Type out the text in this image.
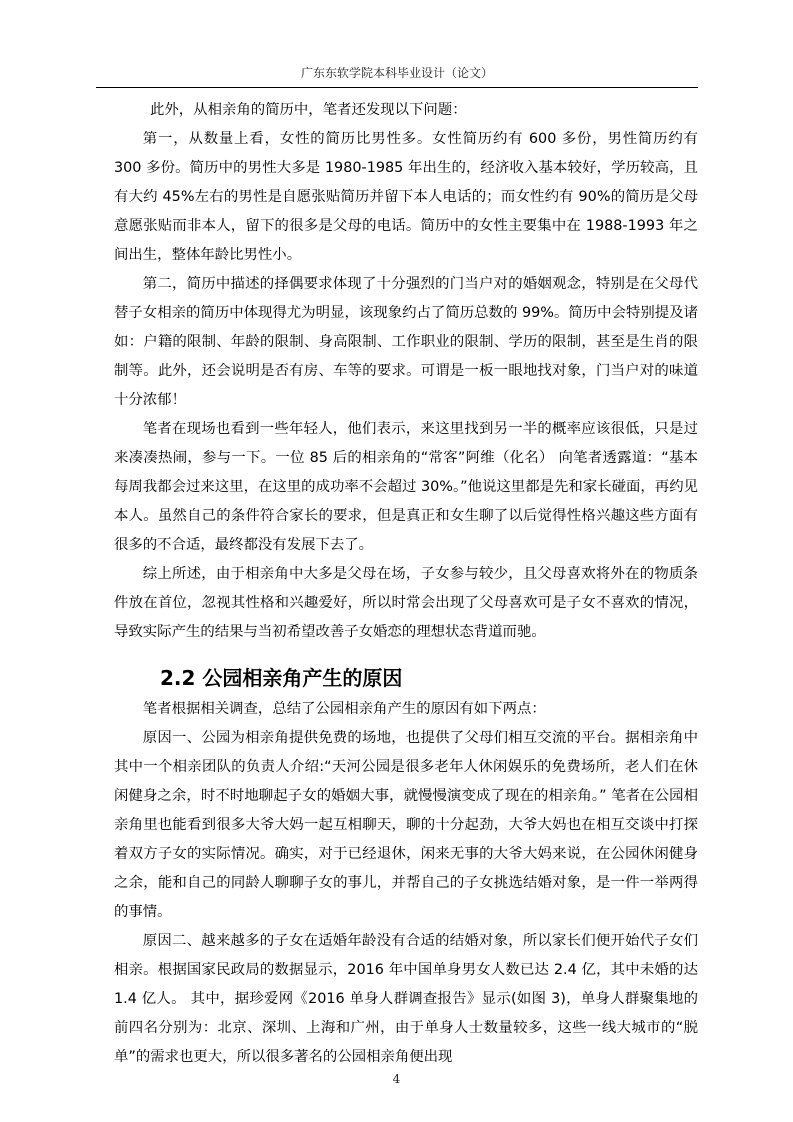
广东东软学院本科毕业设计（论文）

此外，从相亲角的简历中，笔者还发现以下问题：

第一，从数量上看，女性的简历比男性多。女性简历约有 600 多份，男性简历约有 300 多份。简历中的男性大多是 1980-1985 年出生的，经济收入基本较好，学历较高，且有大约 45%左右的男性是自愿张贴简历并留下本人电话的；而女性约有 90%的简历是父母意愿张贴而非本人，留下的很多是父母的电话。简历中的女性主要集中在 1988-1993 年之间出生，整体年龄比男性小。

第二，简历中描述的择偶要求体现了十分强烈的门当户对的婚姻观念，特别是在父母代替子女相亲的简历中体现得尤为明显，该现象约占了简历总数的 99%。简历中会特别提及诸如：户籍的限制、年龄的限制、身高限制、工作职业的限制、学历的限制，甚至是生肖的限制等。此外，还会说明是否有房、车等的要求。可谓是一板一眼地找对象，门当户对的味道十分浓郁！

笔者在现场也看到一些年轻人，他们表示，来这里找到另一半的概率应该很低，只是过来凑凑热闹，参与一下。一位 85 后的相亲角的“常客”阿维（化名） 向笔者透露道：“基本每周我都会过来这里，在这里的成功率不会超过 30%。”他说这里都是先和家长碰面，再约见本人。虽然自己的条件符合家长的要求，但是真正和女生聊了以后觉得性格兴趣这些方面有很多的不合适，最终都没有发展下去了。

综上所述，由于相亲角中大多是父母在场，子女参与较少，且父母喜欢将外在的物质条件放在首位，忽视其性格和兴趣爱好，所以时常会出现了父母喜欢可是子女不喜欢的情况，导致实际产生的结果与当初希望改善子女婚恋的理想状态背道而驰。

2.2 公园相亲角产生的原因

笔者根据相关调查，总结了公园相亲角产生的原因有如下两点：

原因一、公园为相亲角提供免费的场地，也提供了父母们相互交流的平台。据相亲角中其中一个相亲团队的负责人介绍:“天河公园是很多老年人休闲娱乐的免费场所，老人们在休闲健身之余，时不时地聊起子女的婚姻大事，就慢慢演变成了现在的相亲角。” 笔者在公园相亲角里也能看到很多大爷大妈一起互相聊天，聊的十分起劲，大爷大妈也在相互交谈中打探着双方子女的实际情况。确实，对于已经退休，闲来无事的大爷大妈来说，在公园休闲健身之余，能和自己的同龄人聊聊子女的事儿，并帮自己的子女挑选结婚对象，是一件一举两得的事情。

原因二、越来越多的子女在适婚年龄没有合适的结婚对象，所以家长们便开始代子女们相亲。根据国家民政局的数据显示，2016 年中国单身男女人数已达 2.4 亿，其中未婚的达 1.4 亿人。 其中，据珍爱网《2016 单身人群调查报告》显示(如图 3)，单身人群聚集地的前四名分别为：北京、深圳、上海和广州，由于单身人士数量较多，这些一线大城市的“脱单”的需求也更大，所以很多著名的公园相亲角便出现

4
